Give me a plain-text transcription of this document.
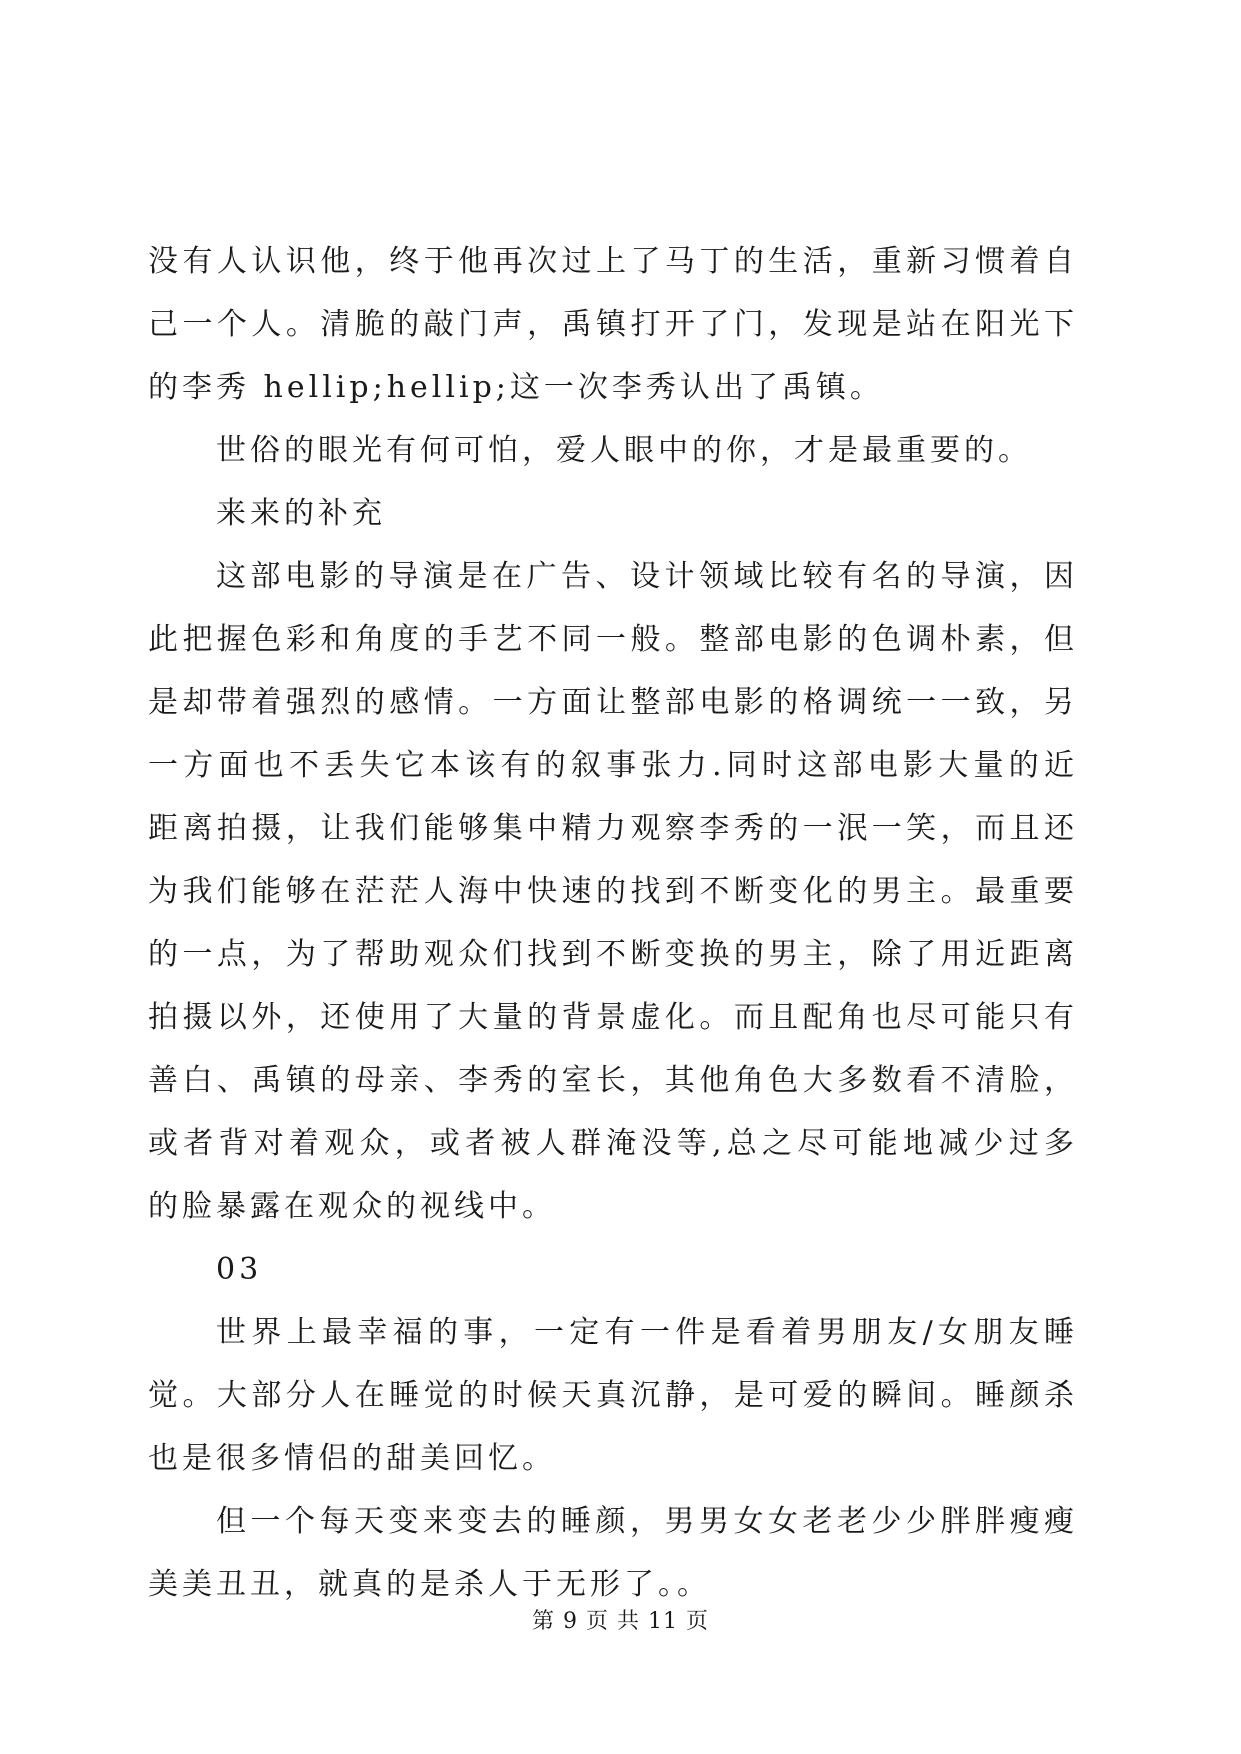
没有人认识他，终于他再次过上了马丁的生活，重新习惯着自己一个人。清脆的敲门声，禹镇打开了门，发现是站在阳光下的李秀 hellip;hellip;这一次李秀认出了禹镇。

世俗的眼光有何可怕，爱人眼中的你，才是最重要的。

来来的补充

这部电影的导演是在广告、设计领域比较有名的导演，因此把握色彩和角度的手艺不同一般。整部电影的色调朴素，但是却带着强烈的感情。一方面让整部电影的格调统一一致，另一方面也不丢失它本该有的叙事张力.同时这部电影大量的近距离拍摄，让我们能够集中精力观察李秀的一泯一笑，而且还为我们能够在茫茫人海中快速的找到不断变化的男主。最重要的一点，为了帮助观众们找到不断变换的男主，除了用近距离拍摄以外，还使用了大量的背景虚化。而且配角也尽可能只有善白、禹镇的母亲、李秀的室长，其他角色大多数看不清脸，或者背对着观众，或者被人群淹没等,总之尽可能地减少过多的脸暴露在观众的视线中。

03

世界上最幸福的事，一定有一件是看着男朋友/女朋友睡觉。大部分人在睡觉的时候天真沉静，是可爱的瞬间。睡颜杀也是很多情侣的甜美回忆。

但一个每天变来变去的睡颜，男男女女老老少少胖胖瘦瘦美美丑丑，就真的是杀人于无形了。。

第 9 页 共 11 页
